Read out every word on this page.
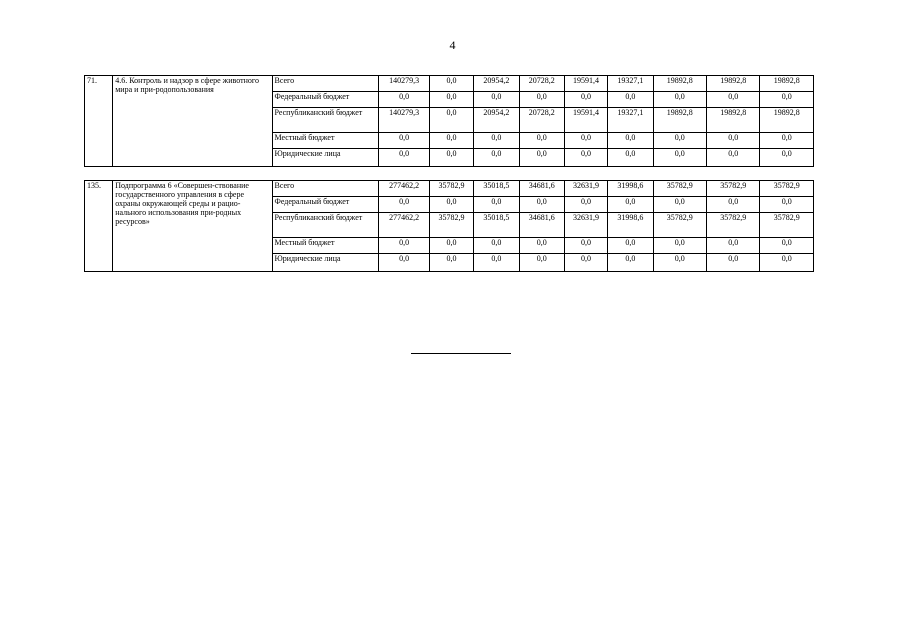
4
71.	4.6. Контроль и надзор в сфере животного мира и при-родопользования	Всего	140279,3	0,0	20954,2	20728,2	19591,4	19327,1	19892,8	19892,8	19892,8
		Федеральный бюджет	0,0	0,0	0,0	0,0	0,0	0,0	0,0	0,0	0,0
		Республиканский бюджет	140279,3	0,0	20954,2	20728,2	19591,4	19327,1	19892,8	19892,8	19892,8
		Местный бюджет	0,0	0,0	0,0	0,0	0,0	0,0	0,0	0,0	0,0
		Юридические лица	0,0	0,0	0,0	0,0	0,0	0,0	0,0	0,0	0,0
135.	Подпрограмма 6 «Совершен-ствование государственного управления в сфере охраны окружающей среды и рацио-нального использования при-родных ресурсов»	Всего	277462,2	35782,9	35018,5	34681,6	32631,9	31998,6	35782,9	35782,9	35782,9
		Федеральный бюджет	0,0	0,0	0,0	0,0	0,0	0,0	0,0	0,0	0,0
		Республиканский бюджет	277462,2	35782,9	35018,5	34681,6	32631,9	31998,6	35782,9	35782,9	35782,9
		Местный бюджет	0,0	0,0	0,0	0,0	0,0	0,0	0,0	0,0	0,0
		Юридические лица	0,0	0,0	0,0	0,0	0,0	0,0	0,0	0,0	0,0
